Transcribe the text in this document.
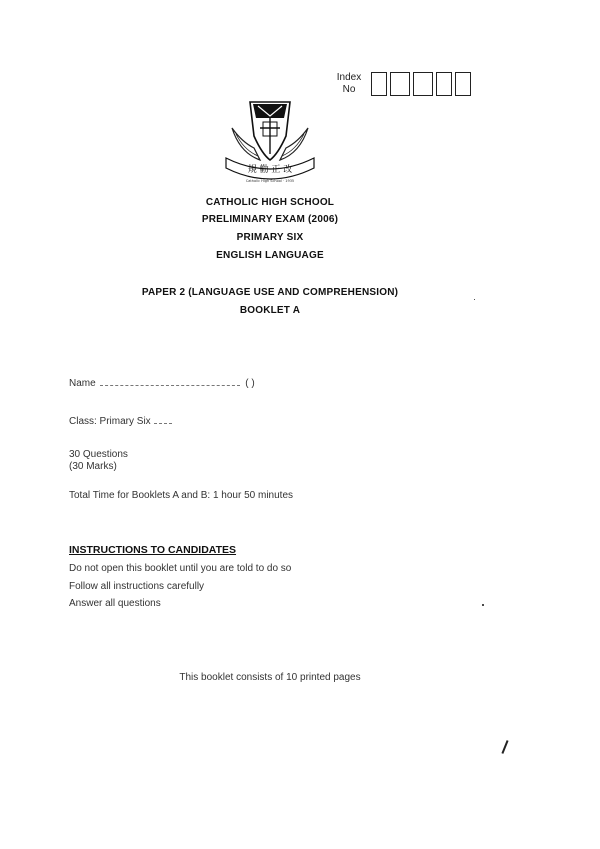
Index
No
規 勸 正 改
Catholic High School · 1935
CATHOLIC HIGH SCHOOL
PRELIMINARY EXAM (2006)
PRIMARY SIX
ENGLISH LANGUAGE
PAPER 2 (LANGUAGE USE AND COMPREHENSION)
BOOKLET A
Name	( )
Class: Primary Six
30 Questions
(30 Marks)
Total Time for Booklets A and B: 1 hour 50 minutes
INSTRUCTIONS TO CANDIDATES
Do not open this booklet until you are told to do so
Follow all instructions carefully
Answer all questions
This booklet consists of 10 printed pages
